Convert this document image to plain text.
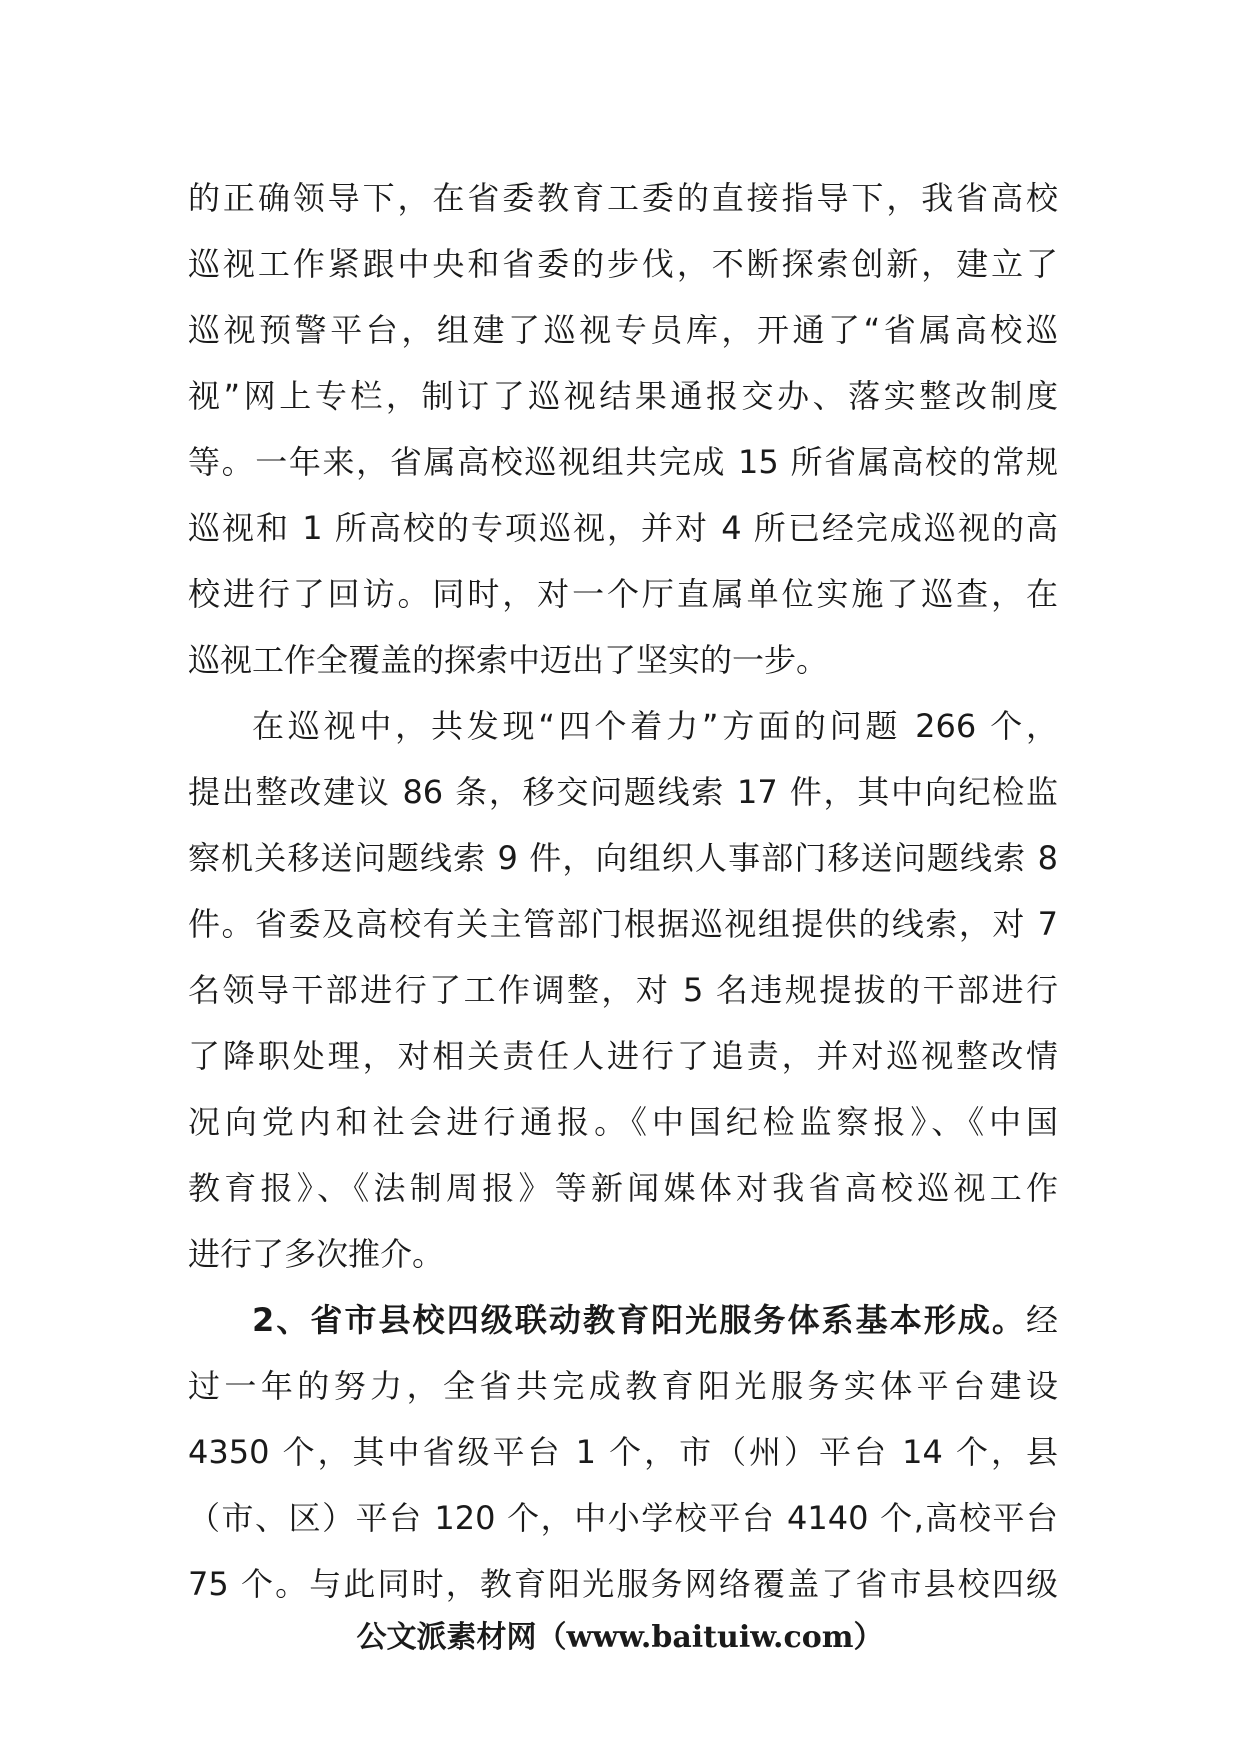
的正确领导下，在省委教育工委的直接指导下，我省高校
巡视工作紧跟中央和省委的步伐，不断探索创新，建立了
巡视预警平台，组建了巡视专员库，开通了“省属高校巡
视”网上专栏，制订了巡视结果通报交办、落实整改制度
等。一年来，省属高校巡视组共完成 15 所省属高校的常规
巡视和 1 所高校的专项巡视，并对 4 所已经完成巡视的高
校进行了回访。同时，对一个厅直属单位实施了巡查，在
巡视工作全覆盖的探索中迈出了坚实的一步。
在巡视中，共发现“四个着力”方面的问题 266 个，
提出整改建议 86 条，移交问题线索 17 件，其中向纪检监
察机关移送问题线索 9 件，向组织人事部门移送问题线索 8
件。省委及高校有关主管部门根据巡视组提供的线索，对 7
名领导干部进行了工作调整，对 5 名违规提拔的干部进行
了降职处理，对相关责任人进行了追责，并对巡视整改情
况向党内和社会进行通报。《中国纪检监察报》、《中国
教育报》、《法制周报》等新闻媒体对我省高校巡视工作
进行了多次推介。
2、省市县校四级联动教育阳光服务体系基本形成。经
过一年的努力，全省共完成教育阳光服务实体平台建设
4350 个，其中省级平台 1 个，市（州）平台 14 个，县
（市、区）平台 120 个，中小学校平台 4140 个,高校平台
75 个。与此同时，教育阳光服务网络覆盖了省市县校四级
公文派素材网（www.baituiw.com）
